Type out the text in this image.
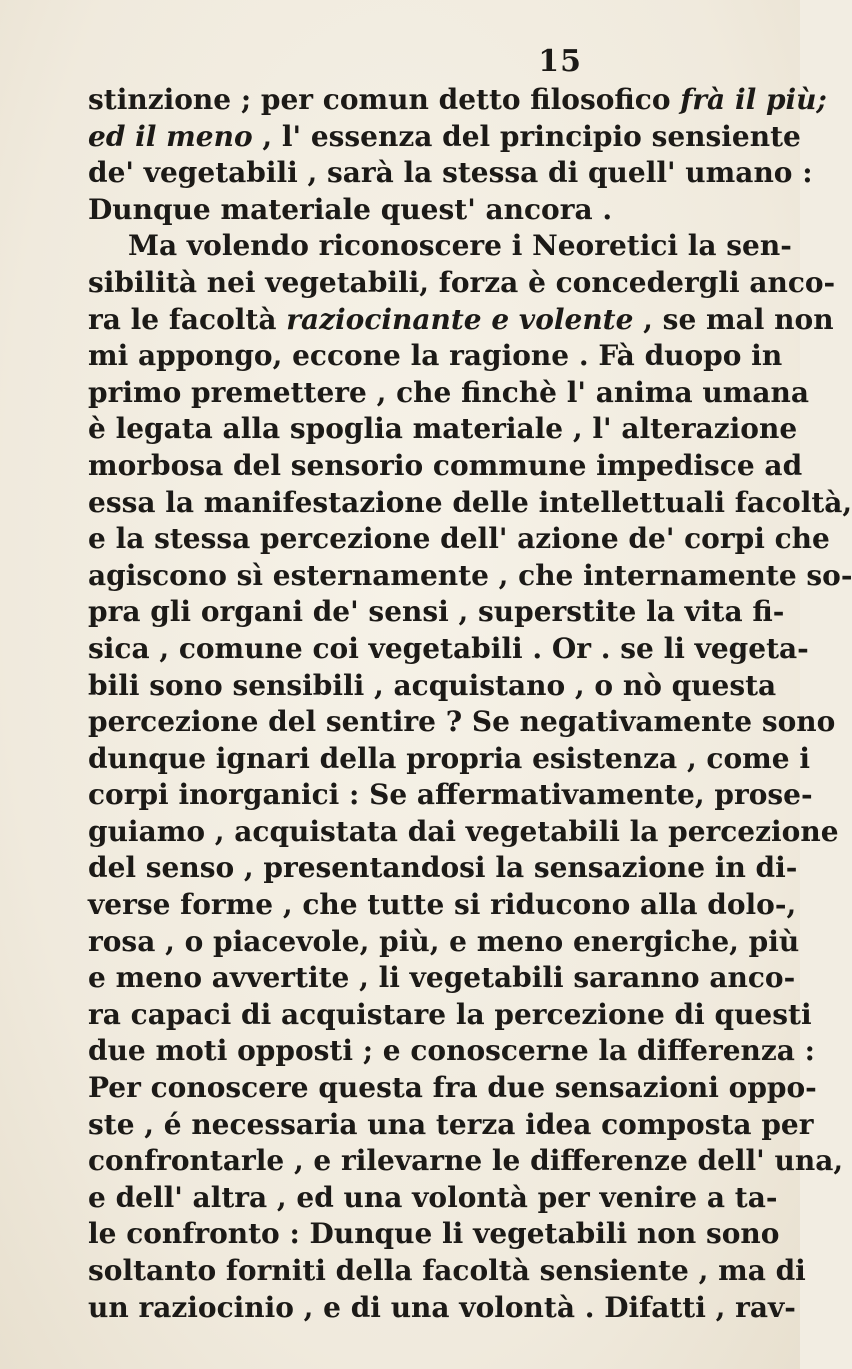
15
stinzione ; per comun detto filosofico frà il più;
ed il meno , l' essenza del principio sensiente
de' vegetabili , sarà la stessa di quell' umano :
Dunque materiale quest' ancora .
Ma volendo riconoscere i Neoretici la sen-
sibilità nei vegetabili, forza è concedergli anco-
ra le facoltà raziocinante e volente , se mal non
mi appongo, eccone la ragione . Fà duopo in
primo premettere , che finchè l' anima umana
è legata alla spoglia materiale , l' alterazione
morbosa del sensorio commune impedisce ad
essa la manifestazione delle intellettuali facoltà,
e la stessa percezione dell' azione de' corpi che
agiscono sì esternamente , che internamente so-
pra gli organi de' sensi , superstite la vita fi-
sica , comune coi vegetabili . Or . se li vegeta-
bili sono sensibili , acquistano , o nò questa
percezione del sentire ? Se negativamente sono
dunque ignari della propria esistenza , come i
corpi inorganici : Se affermativamente, prose-
guiamo , acquistata dai vegetabili la percezione
del senso , presentandosi la sensazione in di-
verse forme , che tutte si riducono alla dolo-,
rosa , o piacevole, più, e meno energiche, più
e meno avvertite , li vegetabili saranno anco-
ra capaci di acquistare la percezione di questi
due moti opposti ; e conoscerne la differenza :
Per conoscere questa fra due sensazioni oppo-
ste , é necessaria una terza idea composta per
confrontarle , e rilevarne le differenze dell' una,
e dell' altra , ed una volontà per venire a ta-
le confronto : Dunque li vegetabili non sono
soltanto forniti della facoltà sensiente , ma di
un raziocinio , e di una volontà . Difatti , rav-
